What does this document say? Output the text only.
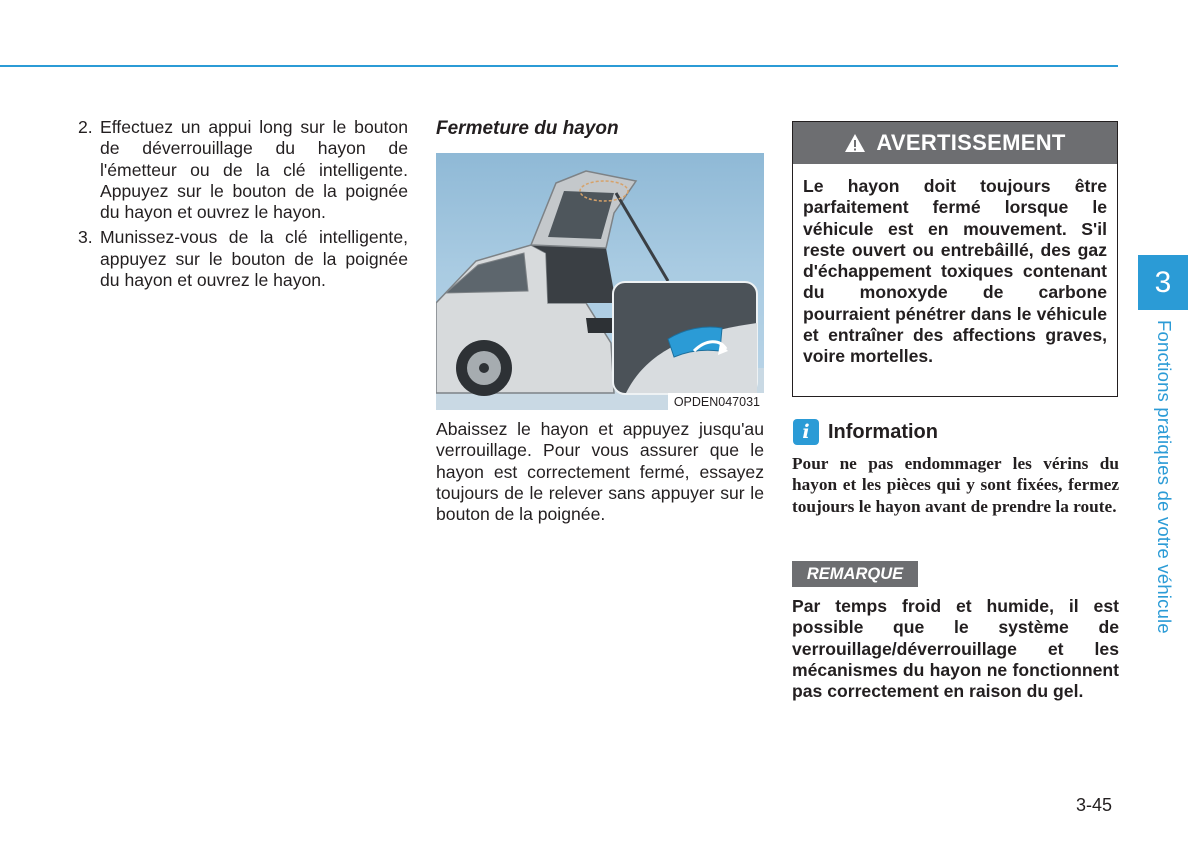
2. Effectuez un appui long sur le bouton de déverrouillage du hayon de l'émetteur ou de la clé intelligente. Appuyez sur le bouton de la poignée du hayon et ouvrez le hayon.
3. Munissez-vous de la clé intelligente, appuyez sur le bouton de la poignée du hayon et ouvrez le hayon.
Fermeture du hayon
OPDEN047031
Abaissez le hayon et appuyez jusqu'au verrouillage. Pour vous assurer que le hayon est correctement fermé, essayez toujours de le relever sans appuyer sur le bouton de la poignée.
AVERTISSEMENT
Le hayon doit toujours être parfaitement fermé lorsque le véhicule est en mouvement. S'il reste ouvert ou entrebâillé, des gaz d'échappement toxiques contenant du monoxyde de carbone pourraient pénétrer dans le véhicule et entraîner des affections graves, voire mortelles.
i Information
Pour ne pas endommager les vérins du hayon et les pièces qui y sont fixées, fermez toujours le hayon avant de prendre la route.
REMARQUE
Par temps froid et humide, il est possible que le système de verrouillage/déverrouillage et les mécanismes du hayon ne fonctionnent pas correctement en raison du gel.
3
Fonctions pratiques de votre véhicule
3-45
